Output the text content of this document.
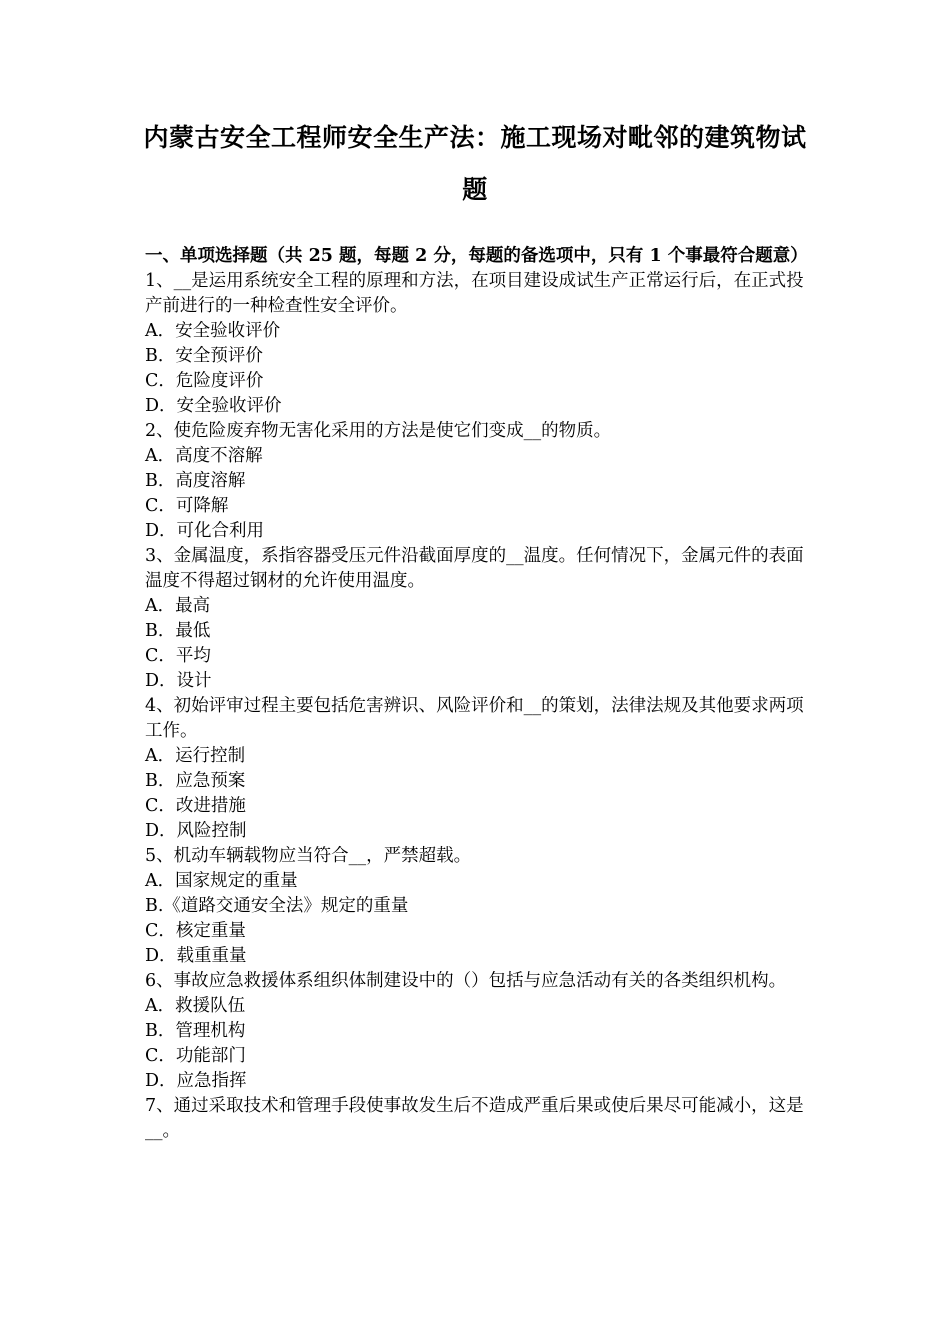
内蒙古安全工程师安全生产法：施工现场对毗邻的建筑物试题

一、单项选择题（共 25 题，每题 2 分，每题的备选项中，只有 1 个事最符合题意）

1、__是运用系统安全工程的原理和方法，在项目建设成试生产正常运行后，在正式投产前进行的一种检查性安全评价。

A．安全验收评价

B．安全预评价

C．危险度评价

D．安全验收评价

2、使危险废弃物无害化采用的方法是使它们变成__的物质。

A．高度不溶解

B．高度溶解

C．可降解

D．可化合利用

3、金属温度，系指容器受压元件沿截面厚度的__温度。任何情况下，金属元件的表面温度不得超过钢材的允许使用温度。

A．最高

B．最低

C．平均

D．设计

4、初始评审过程主要包括危害辨识、风险评价和__的策划，法律法规及其他要求两项工作。

A．运行控制

B．应急预案

C．改进措施

D．风险控制

5、机动车辆载物应当符合__，严禁超载。

A．国家规定的重量

B.《道路交通安全法》规定的重量

C．核定重量

D．载重重量

6、事故应急救援体系组织体制建设中的（）包括与应急活动有关的各类组织机构。

A．救援队伍

B．管理机构

C．功能部门

D．应急指挥

7、通过采取技术和管理手段使事故发生后不造成严重后果或使后果尽可能减小，这是__。
